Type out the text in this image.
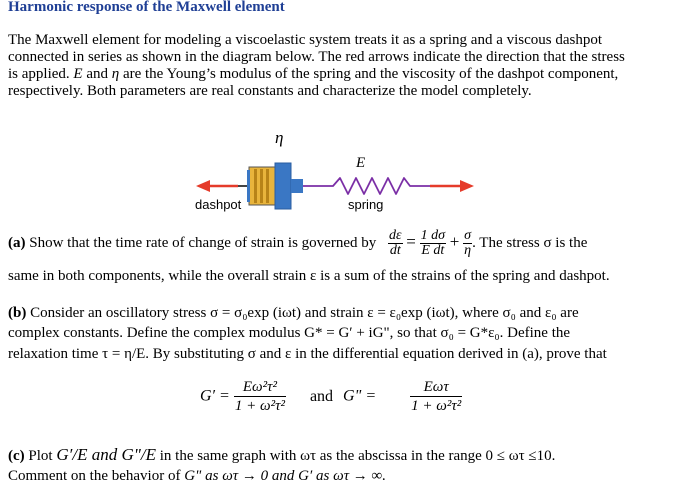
Harmonic response of the Maxwell element
The Maxwell element for modeling a viscoelastic system treats it as a spring and a viscous dashpot
connected in series as shown in the diagram below. The red arrows indicate the direction that the stress
is applied. E and η are the Young’s modulus of the spring and the viscosity of the dashpot component,
respectively. Both parameters are real constants and characterize the model completely.
η
E
dashpot	spring
(a) Show that the time rate of change of strain is governed by $\frac{d\varepsilon}{dt} = \frac{1 d\sigma}{\text{E dt}} + \frac{\sigma}{\eta}$ . The stress σ is the
same in both components, while the overall strain ε is a sum of the strains of the spring and dashpot.
(b) Consider an oscillatory stress σ = σ₀exp (iωt) and strain ε = ε₀exp (iωt), where σ₀ and ε₀ are
complex constants. Define the complex modulus G* = G′ + iG", so that σ₀ = G*ε₀. Define the
relaxation time τ = η/E. By substituting σ and ε in the differential equation derived in (a), prove that
$G' = \frac{\text{Eω²τ²}}{\text{1 + ω²τ²}}$ and G" = $\frac{\text{Eωτ}}{\text{1 + ω²τ²}}$
(c) Plot G′/E and G"/E in the same graph with ωτ as the abscissa in the range 0 ≤ ωτ ≤10.
Comment on the behavior of G" as ωτ → 0 and G′ as ωτ → ∞.
